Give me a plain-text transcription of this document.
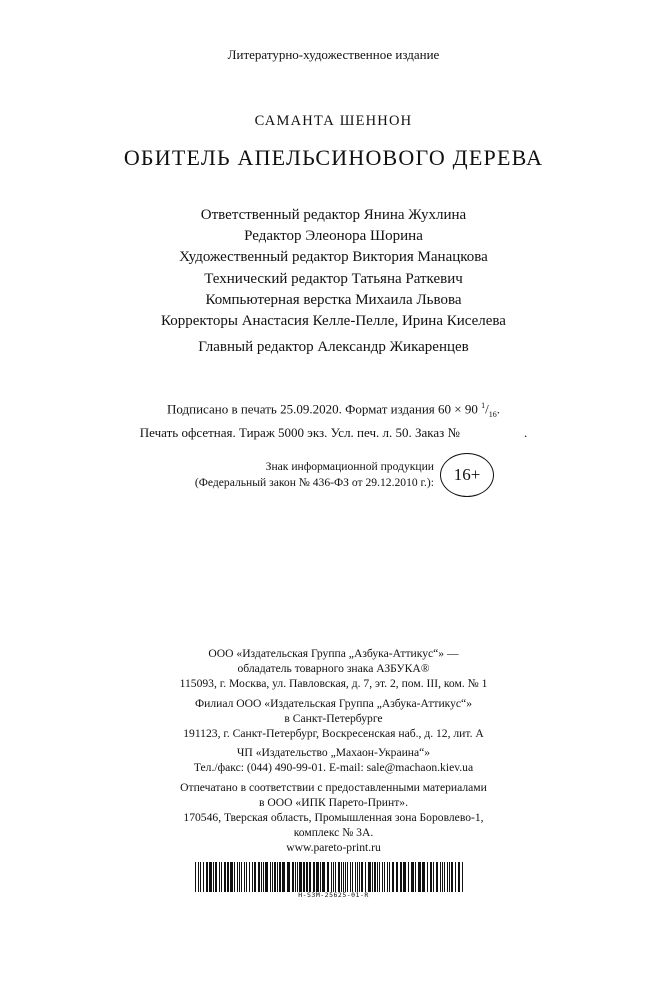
Литературно-художественное издание
САМАНТА ШЕННОН
ОБИТЕЛЬ АПЕЛЬСИНОВОГО ДЕРЕВА
Ответственный редактор Янина Жухлина
Редактор Элеонора Шорина
Художественный редактор Виктория Манацкова
Технический редактор Татьяна Раткевич
Компьютерная верстка Михаила Львова
Корректоры Анастасия Келле-Пелле, Ирина Киселева
Главный редактор Александр Жикаренцев
Подписано в печать 25.09.2020. Формат издания 60 × 90 $^1/_{16}$.
Печать офсетная. Тираж 5000 экз. Усл. печ. л. 50. Заказ №	.
Знак информационной продукции
(Федеральный закон № 436-ФЗ от 29.12.2010 г.):	16+
ООО «Издательская Группа „Азбука-Аттикус“» —
обладатель товарного знака АЗБУКА®
115093, г. Москва, ул. Павловская, д. 7, эт. 2, пом. III, ком. № 1
Филиал ООО «Издательская Группа „Азбука-Аттикус“»
в Санкт-Петербурге
191123, г. Санкт-Петербург, Воскресенская наб., д. 12, лит. А
ЧП «Издательство „Махаон-Украина“»
Тел./факс: (044) 490-99-01. E-mail: sale@machaon.kiev.ua
Отпечатано в соответствии с предоставленными материалами
в ООО «ИПК Парето-Принт».
170546, Тверская область, Промышленная зона Боровлево-1,
комплекс № 3А.
www.pareto-print.ru
Н-SЗМ-25625-01-R
